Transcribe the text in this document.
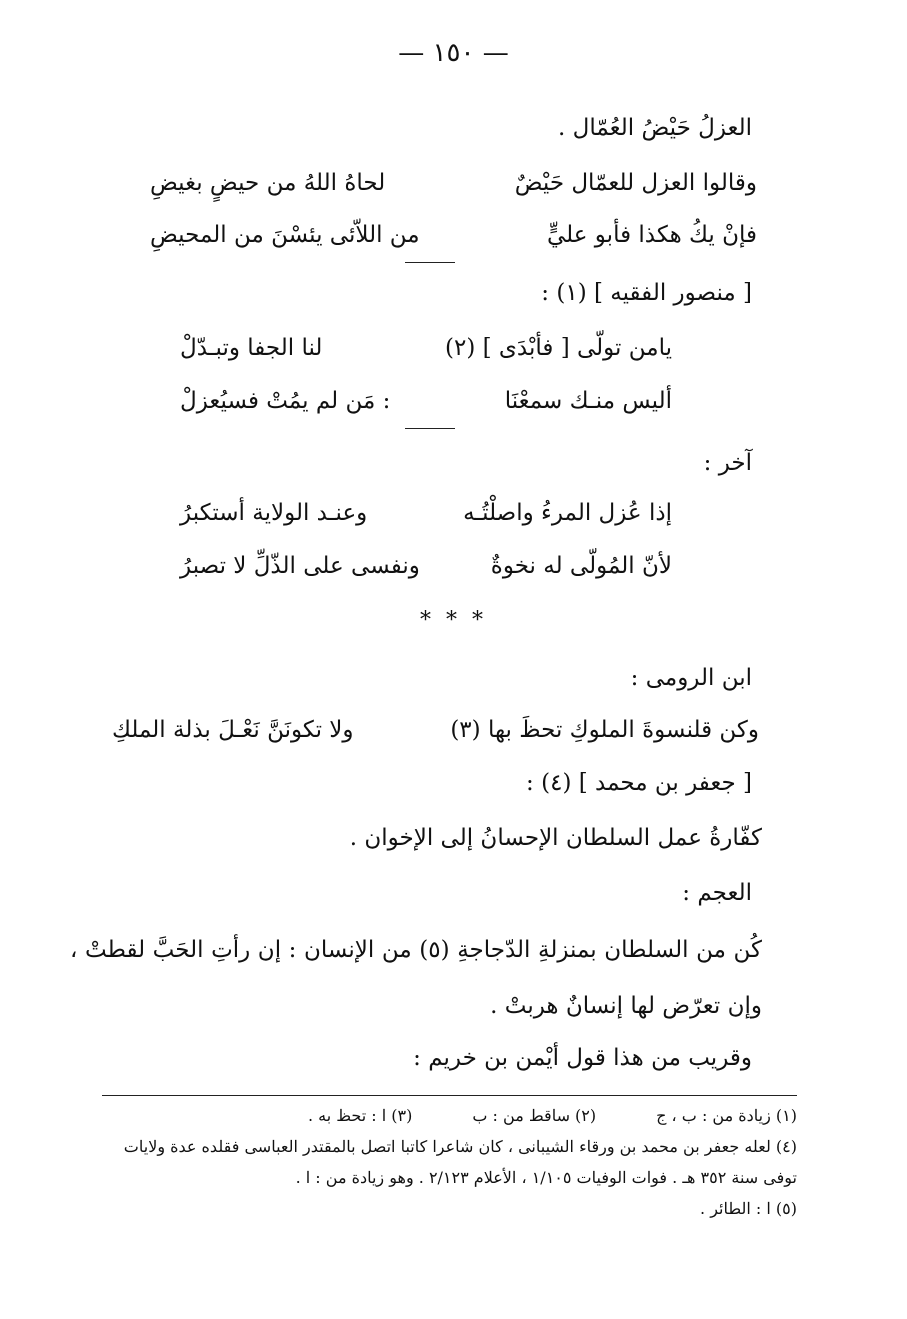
— ١٥٠ —
العزلُ حَيْضُ العُمّال .
وقالوا العزل للعمّال حَيْضٌ
لحاهُ اللهُ من حيضٍ بغيضِ
فإنْ يكُ هكذا فأبو عليٍّ
من اللاّئى يئسْنَ من المحيضِ
[ منصور الفقيه ] (١) :
يامن تولّى [ فأبْدَى ] (٢)
لنا الجفا وتبـدّلْ
أليس منـك سمعْنَا
: مَن لم يمُتْ فسيُعزلْ
آخر :
إذا عُزل المرءُ واصلْتُـه
وعنـد الولاية أستكبرُ
لأنّ المُولّى له نخوةٌ
ونفسى على الذّلِّ لا تصبرُ
* * *
ابن الرومى :
وكن قلنسوةَ الملوكِ تحظَ بها (٣)
ولا تكونَنَّ نَعْـلَ بذلة الملكِ
[ جعفر بن محمد ] (٤) :
كفّارةُ عمل السلطان الإحسانُ إلى الإخوان .
العجم :
كُن من السلطان بمنزلةِ الدّجاجةِ (٥) من الإنسان : إن رأتِ الحَبَّ لقطتْ ، وإن تعرّض لها إنسانٌ هربتْ .
وقريب من هذا قول أيْمن بن خريم :
(١) زيادة من : ب ، ج(٢) ساقط من : ب(٣) ا : تحظ به .
(٤) لعله جعفر بن محمد بن ورقاء الشيبانى ، كان شاعرا كاتبا اتصل بالمقتدر العباسى فقلده عدة ولايات
توفى سنة ٣٥٢ هـ . فوات الوفيات ١/١٠٥ ، الأعلام ٢/١٢٣ . وهو زيادة من : ا .
(٥) ا : الطائر .
